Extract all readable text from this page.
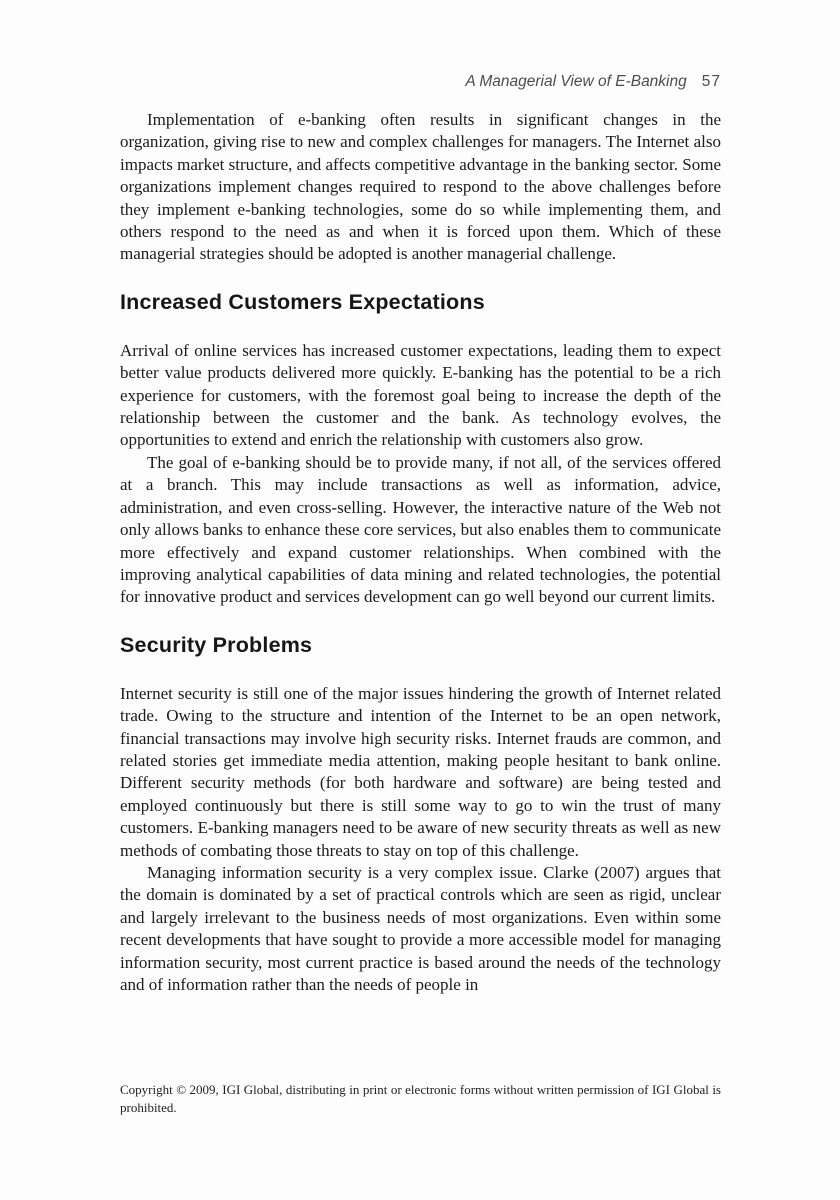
A Managerial View of E-Banking 57

Implementation of e-banking often results in significant changes in the organization, giving rise to new and complex challenges for managers. The Internet also impacts market structure, and affects competitive advantage in the banking sector. Some organizations implement changes required to respond to the above challenges before they implement e-banking technologies, some do so while implementing them, and others respond to the need as and when it is forced upon them. Which of these managerial strategies should be adopted is another managerial challenge.

Increased Customers Expectations

Arrival of online services has increased customer expectations, leading them to expect better value products delivered more quickly. E-banking has the potential to be a rich experience for customers, with the foremost goal being to increase the depth of the relationship between the customer and the bank. As technology evolves, the opportunities to extend and enrich the relationship with customers also grow.

The goal of e-banking should be to provide many, if not all, of the services offered at a branch. This may include transactions as well as information, advice, administration, and even cross-selling. However, the interactive nature of the Web not only allows banks to enhance these core services, but also enables them to communicate more effectively and expand customer relationships. When combined with the improving analytical capabilities of data mining and related technologies, the potential for innovative product and services development can go well beyond our current limits.

Security Problems

Internet security is still one of the major issues hindering the growth of Internet related trade. Owing to the structure and intention of the Internet to be an open network, financial transactions may involve high security risks. Internet frauds are common, and related stories get immediate media attention, making people hesitant to bank online. Different security methods (for both hardware and software) are being tested and employed continuously but there is still some way to go to win the trust of many customers. E-banking managers need to be aware of new security threats as well as new methods of combating those threats to stay on top of this challenge.

Managing information security is a very complex issue. Clarke (2007) argues that the domain is dominated by a set of practical controls which are seen as rigid, unclear and largely irrelevant to the business needs of most organizations. Even within some recent developments that have sought to provide a more accessible model for managing information security, most current practice is based around the needs of the technology and of information rather than the needs of people in

Copyright © 2009, IGI Global, distributing in print or electronic forms without written permission of IGI Global is prohibited.
